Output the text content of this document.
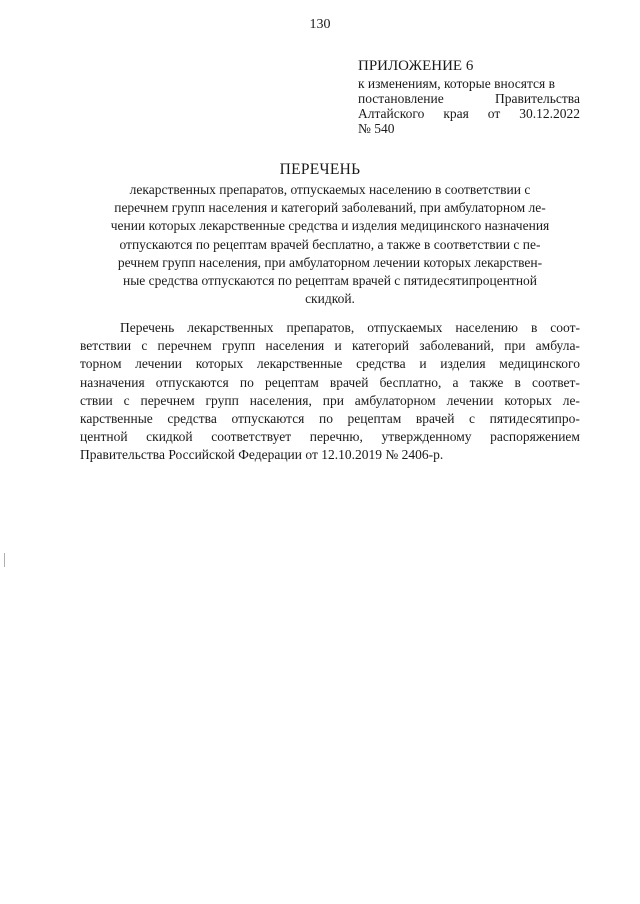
130
ПРИЛОЖЕНИЕ 6
к изменениям, которые вносятся в
постановление	Правительства
Алтайского края от 30.12.2022
№ 540
ПЕРЕЧЕНЬ
лекарственных препаратов, отпускаемых населению в соответствии с
перечнем групп населения и категорий заболеваний, при амбулаторном ле-
чении которых лекарственные средства и изделия медицинского назначения
отпускаются по рецептам врачей бесплатно, а также в соответствии с пе-
речнем групп населения, при амбулаторном лечении которых лекарствен-
ные средства отпускаются по рецептам врачей с пятидесятипроцентной
скидкой.
Перечень лекарственных препаратов, отпускаемых населению в соот-
ветствии с перечнем групп населения и категорий заболеваний, при амбула-
торном лечении которых лекарственные средства и изделия медицинского
назначения отпускаются по рецептам врачей бесплатно, а также в соответ-
ствии с перечнем групп населения, при амбулаторном лечении которых ле-
карственные средства отпускаются по рецептам врачей с пятидесятипро-
центной скидкой соответствует перечню, утвержденному распоряжением
Правительства Российской Федерации от 12.10.2019 № 2406-р.
